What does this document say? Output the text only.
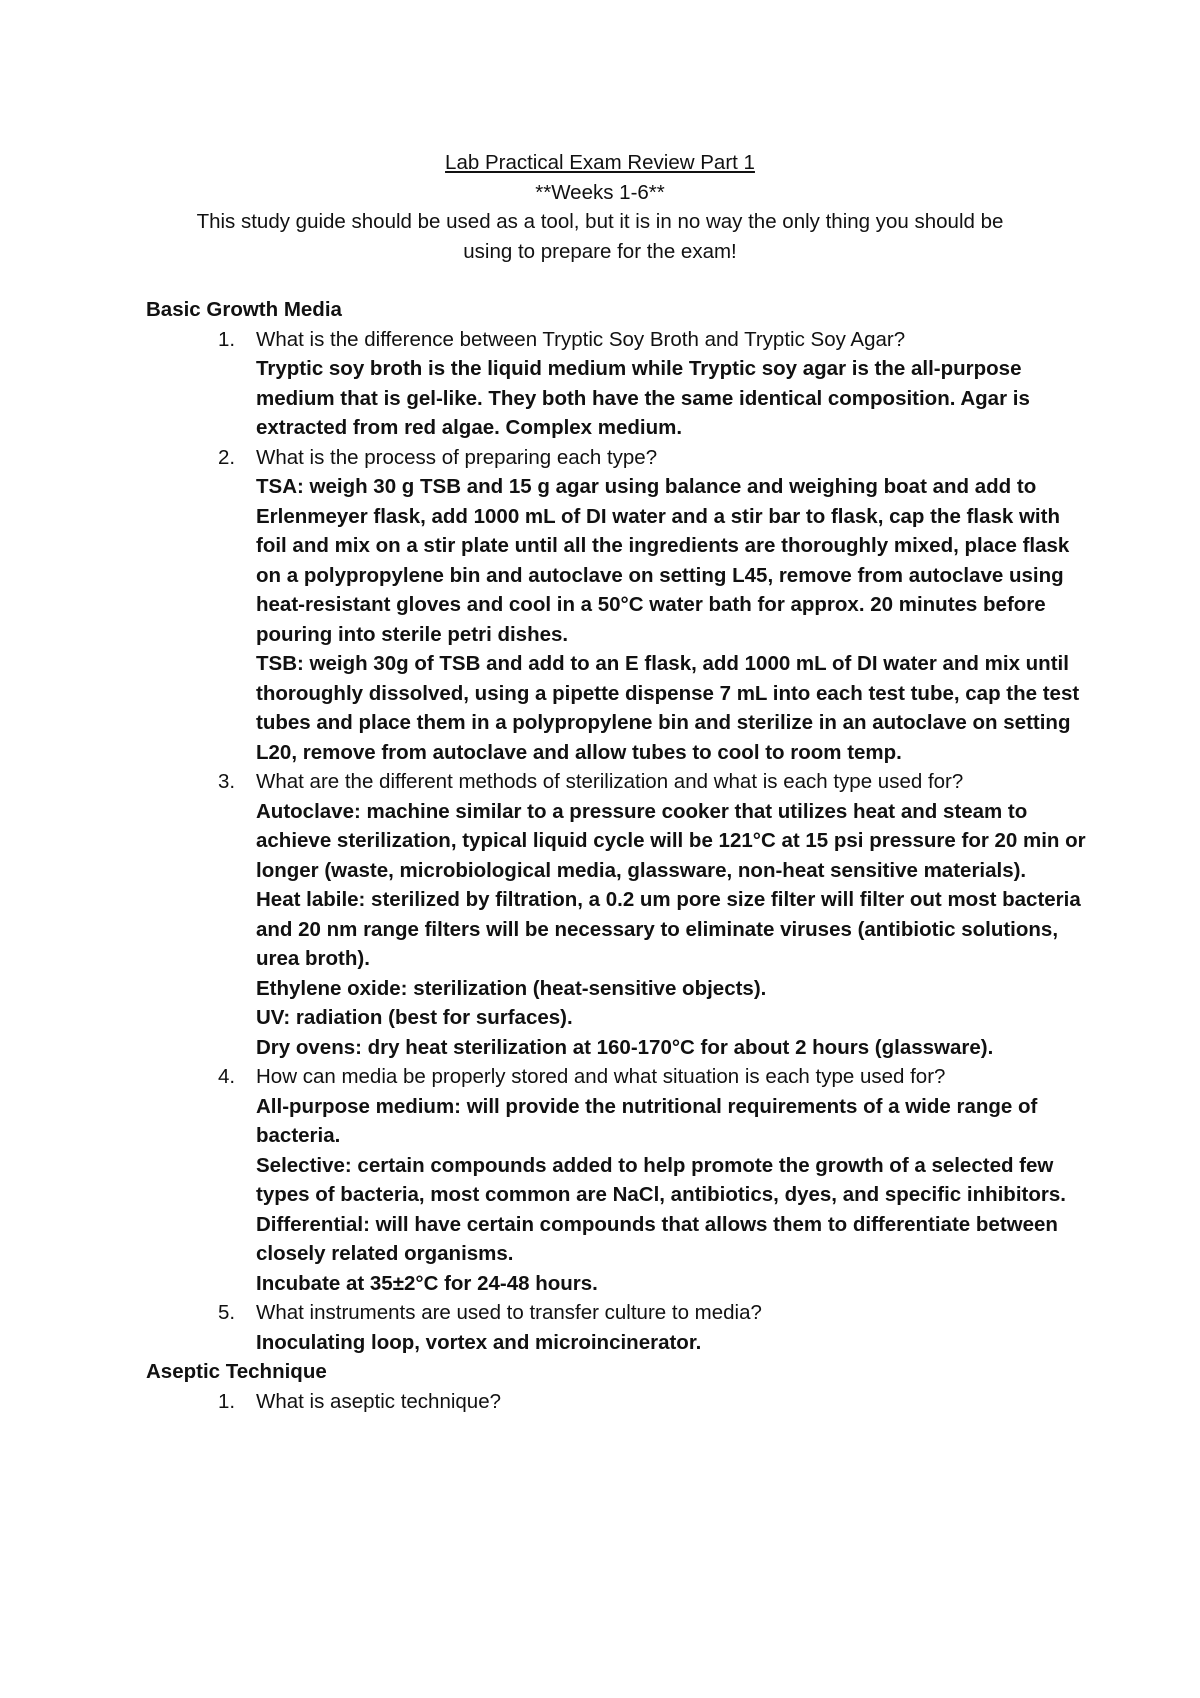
Lab Practical Exam Review Part 1
**Weeks 1-6**
This study guide should be used as a tool, but it is in no way the only thing you should be
using to prepare for the exam!
Basic Growth Media
1. What is the difference between Tryptic Soy Broth and Tryptic Soy Agar?
Tryptic soy broth is the liquid medium while Tryptic soy agar is the all-purpose medium that is gel-like. They both have the same identical composition. Agar is extracted from red algae. Complex medium.
2. What is the process of preparing each type?
TSA: weigh 30 g TSB and 15 g agar using balance and weighing boat and add to Erlenmeyer flask, add 1000 mL of DI water and a stir bar to flask, cap the flask with foil and mix on a stir plate until all the ingredients are thoroughly mixed, place flask on a polypropylene bin and autoclave on setting L45, remove from autoclave using heat-resistant gloves and cool in a 50°C water bath for approx. 20 minutes before pouring into sterile petri dishes.
TSB: weigh 30g of TSB and add to an E flask, add 1000 mL of DI water and mix until thoroughly dissolved, using a pipette dispense 7 mL into each test tube, cap the test tubes and place them in a polypropylene bin and sterilize in an autoclave on setting L20, remove from autoclave and allow tubes to cool to room temp.
3. What are the different methods of sterilization and what is each type used for?
Autoclave: machine similar to a pressure cooker that utilizes heat and steam to achieve sterilization, typical liquid cycle will be 121°C at 15 psi pressure for 20 min or longer (waste, microbiological media, glassware, non-heat sensitive materials).
Heat labile: sterilized by filtration, a 0.2 um pore size filter will filter out most bacteria and 20 nm range filters will be necessary to eliminate viruses (antibiotic solutions, urea broth).
Ethylene oxide: sterilization (heat-sensitive objects).
UV: radiation (best for surfaces).
Dry ovens: dry heat sterilization at 160-170°C for about 2 hours (glassware).
4. How can media be properly stored and what situation is each type used for?
All-purpose medium: will provide the nutritional requirements of a wide range of bacteria.
Selective: certain compounds added to help promote the growth of a selected few types of bacteria, most common are NaCl, antibiotics, dyes, and specific inhibitors.
Differential: will have certain compounds that allows them to differentiate between closely related organisms.
Incubate at 35±2°C for 24-48 hours.
5. What instruments are used to transfer culture to media?
Inoculating loop, vortex and microincinerator.
Aseptic Technique
1. What is aseptic technique?
